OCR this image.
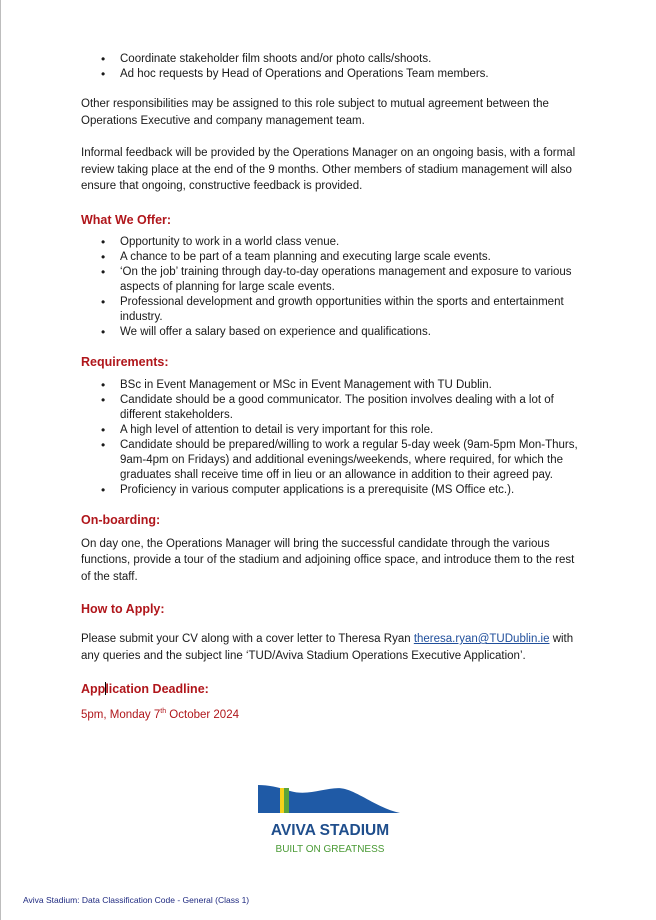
• Coordinate stakeholder film shoots and/or photo calls/shoots.
• Ad hoc requests by Head of Operations and Operations Team members.

Other responsibilities may be assigned to this role subject to mutual agreement between the Operations Executive and company management team.

Informal feedback will be provided by the Operations Manager on an ongoing basis, with a formal review taking place at the end of the 9 months. Other members of stadium management will also ensure that ongoing, constructive feedback is provided.

What We Offer:
• Opportunity to work in a world class venue.
• A chance to be part of a team planning and executing large scale events.
• ‘On the job’ training through day-to-day operations management and exposure to various aspects of planning for large scale events.
• Professional development and growth opportunities within the sports and entertainment industry.
• We will offer a salary based on experience and qualifications.
Requirements:
• BSc in Event Management or MSc in Event Management with TU Dublin.
• Candidate should be a good communicator. The position involves dealing with a lot of different stakeholders.
• A high level of attention to detail is very important for this role.
• Candidate should be prepared/willing to work a regular 5-day week (9am-5pm Mon-Thurs, 9am-4pm on Fridays) and additional evenings/weekends, where required, for which the graduates shall receive time off in lieu or an allowance in addition to their agreed pay.
• Proficiency in various computer applications is a prerequisite (MS Office etc.).
On-boarding:

On day one, the Operations Manager will bring the successful candidate through the various functions, provide a tour of the stadium and adjoining office space, and introduce them to the rest of the staff.

How to Apply:

Please submit your CV along with a cover letter to Theresa Ryan theresa.ryan@TUDublin.ie with any queries and the subject line ‘TUD/Aviva Stadium Operations Executive Application’.

Application Deadline:

5pm, Monday 7th October 2024

AVIVA STADIUM
BUILT ON GREATNESS
Aviva Stadium: Data Classification Code - General (Class 1)
